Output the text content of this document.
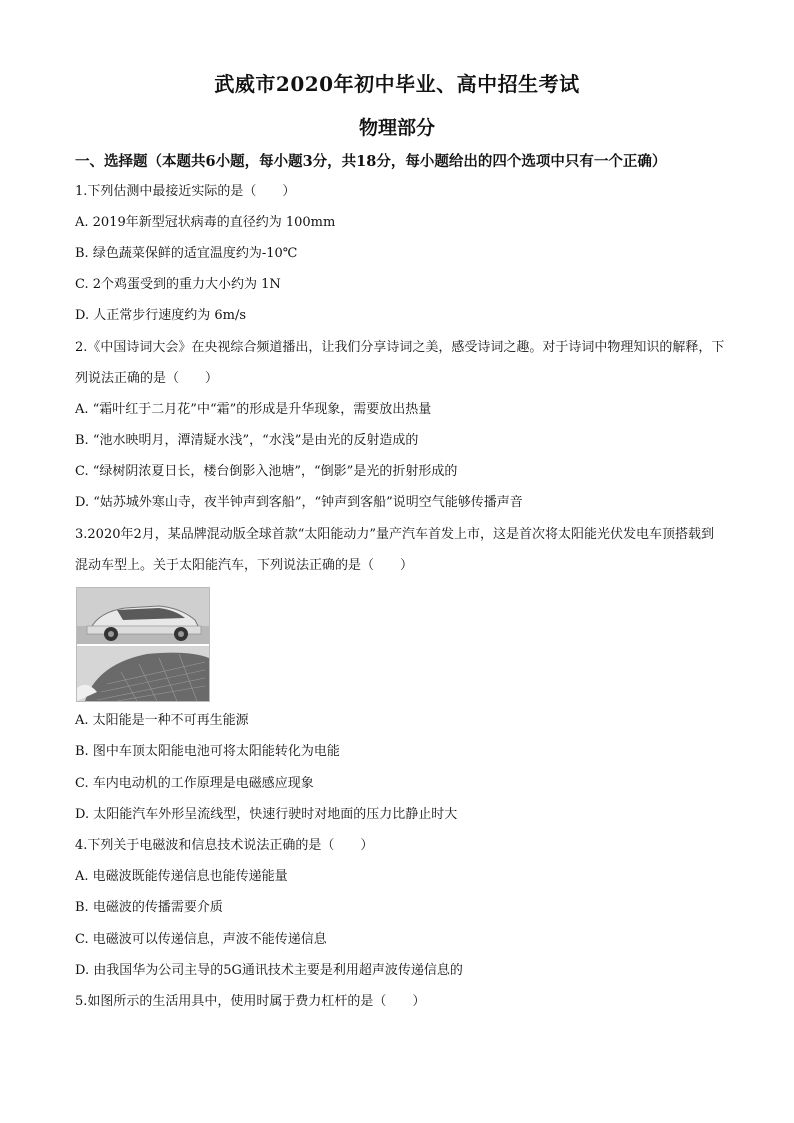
武威市2020年初中毕业、高中招生考试
物理部分
一、选择题（本题共6小题，每小题3分，共18分，每小题给出的四个选项中只有一个正确）
1.下列估测中最接近实际的是（　　）
A. 2019年新型冠状病毒的直径约为 100mm
B. 绿色蔬菜保鲜的适宜温度约为-10℃
C. 2个鸡蛋受到的重力大小约为 1N
D. 人正常步行速度约为 6m/s
2.《中国诗词大会》在央视综合频道播出，让我们分享诗词之美，感受诗词之趣。对于诗词中物理知识的解释，下列说法正确的是（　　）
A. “霜叶红于二月花”中“霜”的形成是升华现象，需要放出热量
B. “池水映明月，潭清疑水浅”，“水浅”是由光的反射造成的
C. “绿树阴浓夏日长，楼台倒影入池塘”，“倒影”是光的折射形成的
D. “姑苏城外寒山寺，夜半钟声到客船”，“钟声到客船”说明空气能够传播声音
3.2020年2月，某品牌混动版全球首款“太阳能动力”量产汽车首发上市，这是首次将太阳能光伏发电车顶搭载到混动车型上。关于太阳能汽车，下列说法正确的是（　　）
A. 太阳能是一种不可再生能源
B. 图中车顶太阳能电池可将太阳能转化为电能
C. 车内电动机的工作原理是电磁感应现象
D. 太阳能汽车外形呈流线型，快速行驶时对地面的压力比静止时大
4.下列关于电磁波和信息技术说法正确的是（　　）
A. 电磁波既能传递信息也能传递能量
B. 电磁波的传播需要介质
C. 电磁波可以传递信息，声波不能传递信息
D. 由我国华为公司主导的5G通讯技术主要是利用超声波传递信息的
5.如图所示的生活用具中，使用时属于费力杠杆的是（　　）
